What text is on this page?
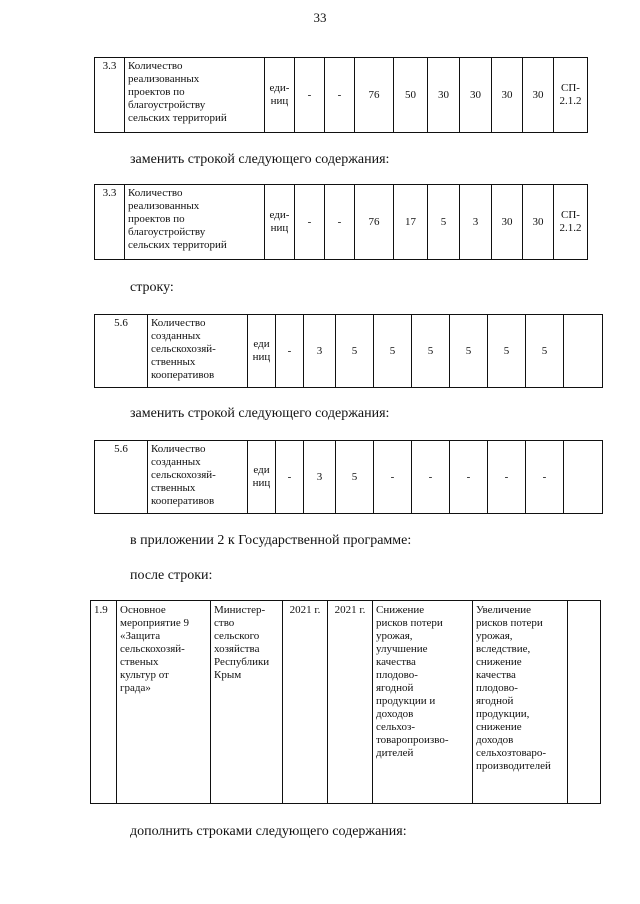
33
3.3	Количество
реализованных
проектов по
благоустройству
сельских территорий	еди-
ниц	-	-	76	50	30	30	30	30	СП-
2.1.2
заменить строкой следующего содержания:
3.3	Количество
реализованных
проектов по
благоустройству
сельских территорий	еди-
ниц	-	-	76	17	5	3	30	30	СП-
2.1.2
строку:
5.6	Количество
созданных
сельскохозяй-
ственных
кооперативов	еди
ниц	-	3	5	5	5	5	5	5	
заменить строкой следующего содержания:
5.6	Количество
созданных
сельскохозяй-
ственных
кооперативов	еди
ниц	-	3	5	-	-	-	-	-	
в приложении 2 к Государственной программе:
после строки:
1.9	Основное
мероприятие 9
«Защита
сельскохозяй-
ственых
культур от
града»	Министер-
ство
сельского
хозяйства
Республики
Крым	2021 г.	2021 г.	Снижение
рисков потери
урожая,
улучшение
качества
плодово-
ягодной
продукции и
доходов
сельхоз-
товаропроизво-
дителей	Увеличение
рисков потери
урожая,
вследствие,
снижение
качества
плодово-
ягодной
продукции,
снижение
доходов
сельхозтоваро-
производителей	
дополнить строками следующего содержания:
